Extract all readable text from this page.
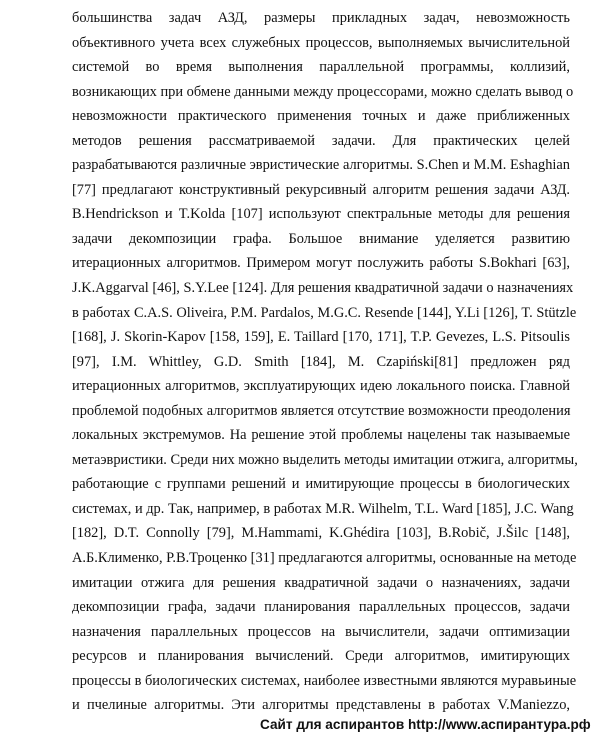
большинства задач АЗД, размеры прикладных задач, невозможность
объективного учета всех служебных процессов, выполняемых вычислительной
системой во время выполнения параллельной программы, коллизий,
возникающих при обмене данными между процессорами, можно сделать вывод о
невозможности практического применения точных и даже приближенных
методов решения рассматриваемой задачи. Для практических целей
разрабатываются различные эвристические алгоритмы. S.Chen и M.M. Eshaghian
[77] предлагают конструктивный рекурсивный алгоритм решения задачи АЗД.
B.Hendrickson и T.Kolda [107] используют спектральные методы для решения
задачи декомпозиции графа. Большое внимание уделяется развитию
итерационных алгоритмов. Примером могут послужить работы S.Bokhari [63],
J.K.Aggarval [46], S.Y.Lee [124]. Для решения квадратичной задачи о назначениях
в работах C.A.S. Oliveira, P.M. Pardalos, M.G.C. Resende [144], Y.Li [126], T. Stützle
[168], J. Skorin-Kapov [158, 159], E. Taillard [170, 171], T.P. Gevezes, L.S. Pitsoulis
[97], I.M. Whittley, G.D. Smith [184], M. Czapiński[81] предложен ряд
итерационных алгоритмов, эксплуатирующих идею локального поиска. Главной
проблемой подобных алгоритмов является отсутствие возможности преодоления
локальных экстремумов. На решение этой проблемы нацелены так называемые
метаэвристики. Среди них можно выделить методы имитации отжига, алгоритмы,
работающие с группами решений и имитирующие процессы в биологических
системах, и др. Так, например, в работах M.R. Wilhelm, T.L. Ward [185], J.C. Wang
[182], D.T. Connolly [79], M.Hammami, K.Ghédira [103], B.Robič, J.Šilc [148],
А.Б.Клименко, Р.В.Троценко [31] предлагаются алгоритмы, основанные на методе
имитации отжига для решения квадратичной задачи о назначениях, задачи
декомпозиции графа, задачи планирования параллельных процессов, задачи
назначения параллельных процессов на вычислители, задачи оптимизации
ресурсов и планирования вычислений. Среди алгоритмов, имитирующих
процессы в биологических системах, наиболее известными являются муравьиные
и пчелиные алгоритмы. Эти алгоритмы представлены в работах V.Maniezzo,
Сайт для аспирантов http://www.аспирантура.рф
